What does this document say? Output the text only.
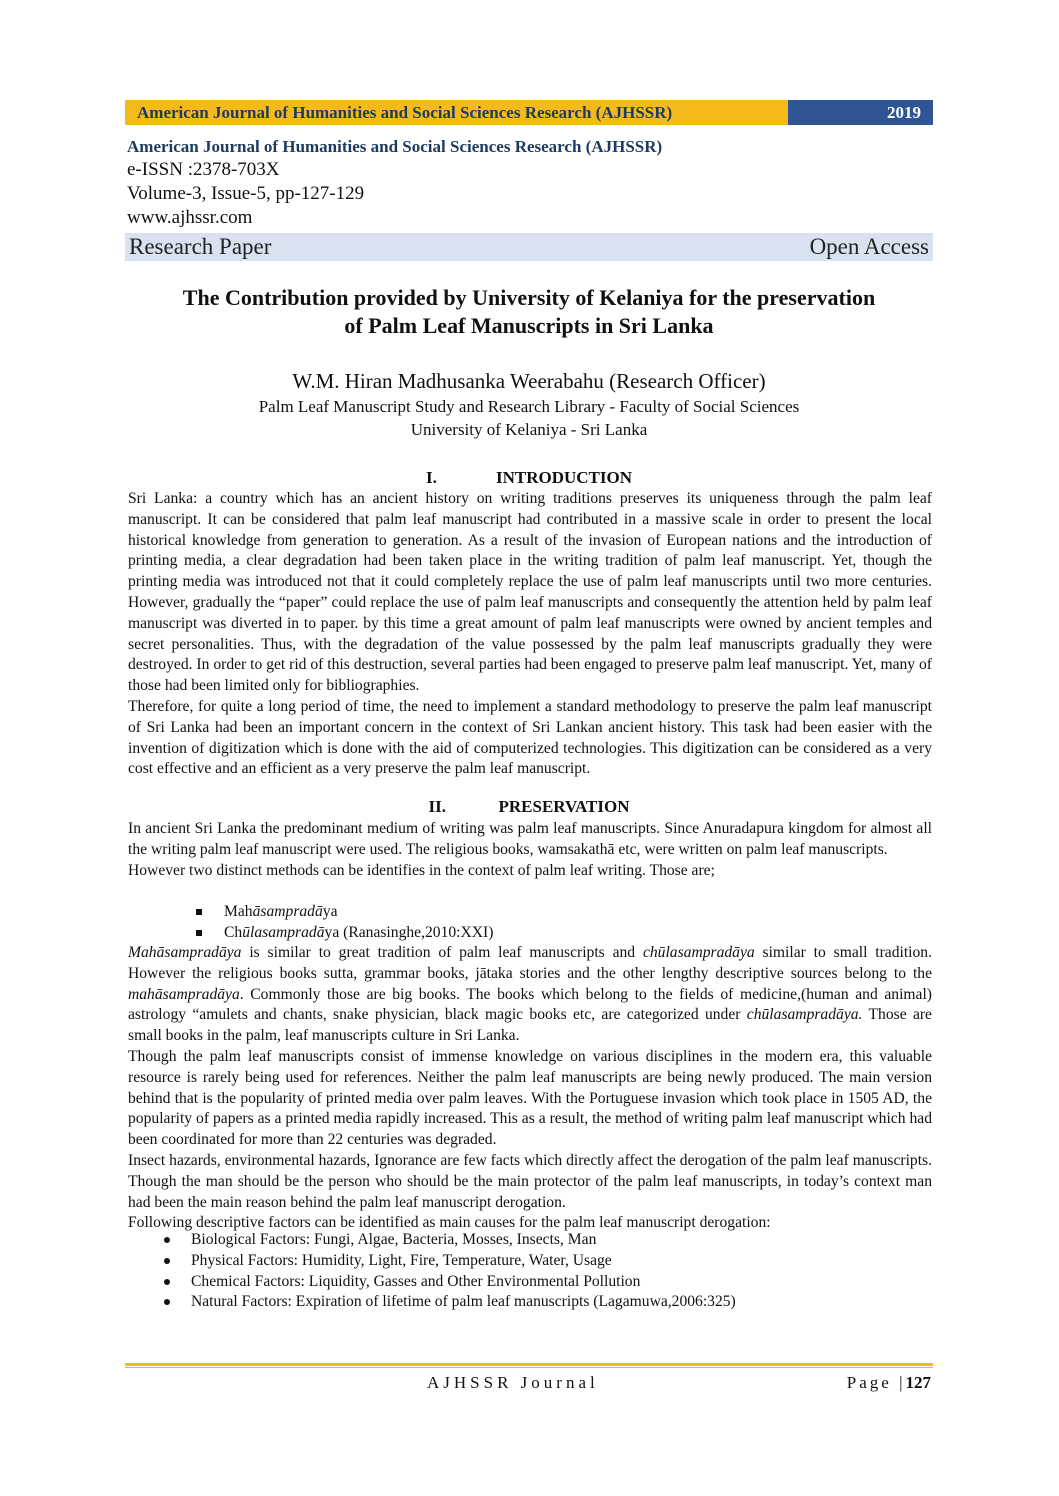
American Journal of Humanities and Social Sciences Research (AJHSSR)	2019
American Journal of Humanities and Social Sciences Research (AJHSSR)
e-ISSN :2378-703X
Volume-3, Issue-5, pp-127-129
www.ajhssr.com
Research Paper	Open Access
The Contribution provided by University of Kelaniya for the preservation
of Palm Leaf Manuscripts in Sri Lanka
W.M. Hiran Madhusanka Weerabahu (Research Officer)
Palm Leaf Manuscript Study and Research Library - Faculty of Social Sciences
University of Kelaniya - Sri Lanka
I.	INTRODUCTION

Sri Lanka: a country which has an ancient history on writing traditions preserves its uniqueness through the palm leaf manuscript. It can be considered that palm leaf manuscript had contributed in a massive scale in order to present the local historical knowledge from generation to generation. As a result of the invasion of European nations and the introduction of printing media, a clear degradation had been taken place in the writing tradition of palm leaf manuscript. Yet, though the printing media was introduced not that it could completely replace the use of palm leaf manuscripts until two more centuries. However, gradually the “paper” could replace the use of palm leaf manuscripts and consequently the attention held by palm leaf manuscript was diverted in to paper. by this time a great amount of palm leaf manuscripts were owned by ancient temples and secret personalities. Thus, with the degradation of the value possessed by the palm leaf manuscripts gradually they were destroyed. In order to get rid of this destruction, several parties had been engaged to preserve palm leaf manuscript. Yet, many of those had been limited only for bibliographies.

Therefore, for quite a long period of time, the need to implement a standard methodology to preserve the palm leaf manuscript of Sri Lanka had been an important concern in the context of Sri Lankan ancient history. This task had been easier with the invention of digitization which is done with the aid of computerized technologies. This digitization can be considered as a very cost effective and an efficient as a very preserve the palm leaf manuscript.

II.	PRESERVATION

In ancient Sri Lanka the predominant medium of writing was palm leaf manuscripts. Since Anuradapura kingdom for almost all the writing palm leaf manuscript were used. The religious books, wamsakathā etc, were written on palm leaf manuscripts.

However two distinct methods can be identifies in the context of palm leaf writing. Those are;

Mahāsampradāya
Chūlasampradāya (Ranasinghe,2010:XXI)

Mahāsampradāya is similar to great tradition of palm leaf manuscripts and chūlasampradāya similar to small tradition. However the religious books sutta, grammar books, jātaka stories and the other lengthy descriptive sources belong to the mahāsampradāya. Commonly those are big books. The books which belong to the fields of medicine,(human and animal) astrology “amulets and chants, snake physician, black magic books etc, are categorized under chūlasampradāya. Those are small books in the palm, leaf manuscripts culture in Sri Lanka.

Though the palm leaf manuscripts consist of immense knowledge on various disciplines in the modern era, this valuable resource is rarely being used for references. Neither the palm leaf manuscripts are being newly produced. The main version behind that is the popularity of printed media over palm leaves. With the Portuguese invasion which took place in 1505 AD, the popularity of papers as a printed media rapidly increased. This as a result, the method of writing palm leaf manuscript which had been coordinated for more than 22 centuries was degraded.

Insect hazards, environmental hazards, Ignorance are few facts which directly affect the derogation of the palm leaf manuscripts. Though the man should be the person who should be the main protector of the palm leaf manuscripts, in today’s context man had been the main reason behind the palm leaf manuscript derogation.

Following descriptive factors can be identified as main causes for the palm leaf manuscript derogation:

Biological Factors: Fungi, Algae, Bacteria, Mosses, Insects, Man
Physical Factors: Humidity, Light, Fire, Temperature, Water, Usage
Chemical Factors: Liquidity, Gasses and Other Environmental Pollution
Natural Factors: Expiration of lifetime of palm leaf manuscripts (Lagamuwa,2006:325)
AJHSSR Journal	Page |127
